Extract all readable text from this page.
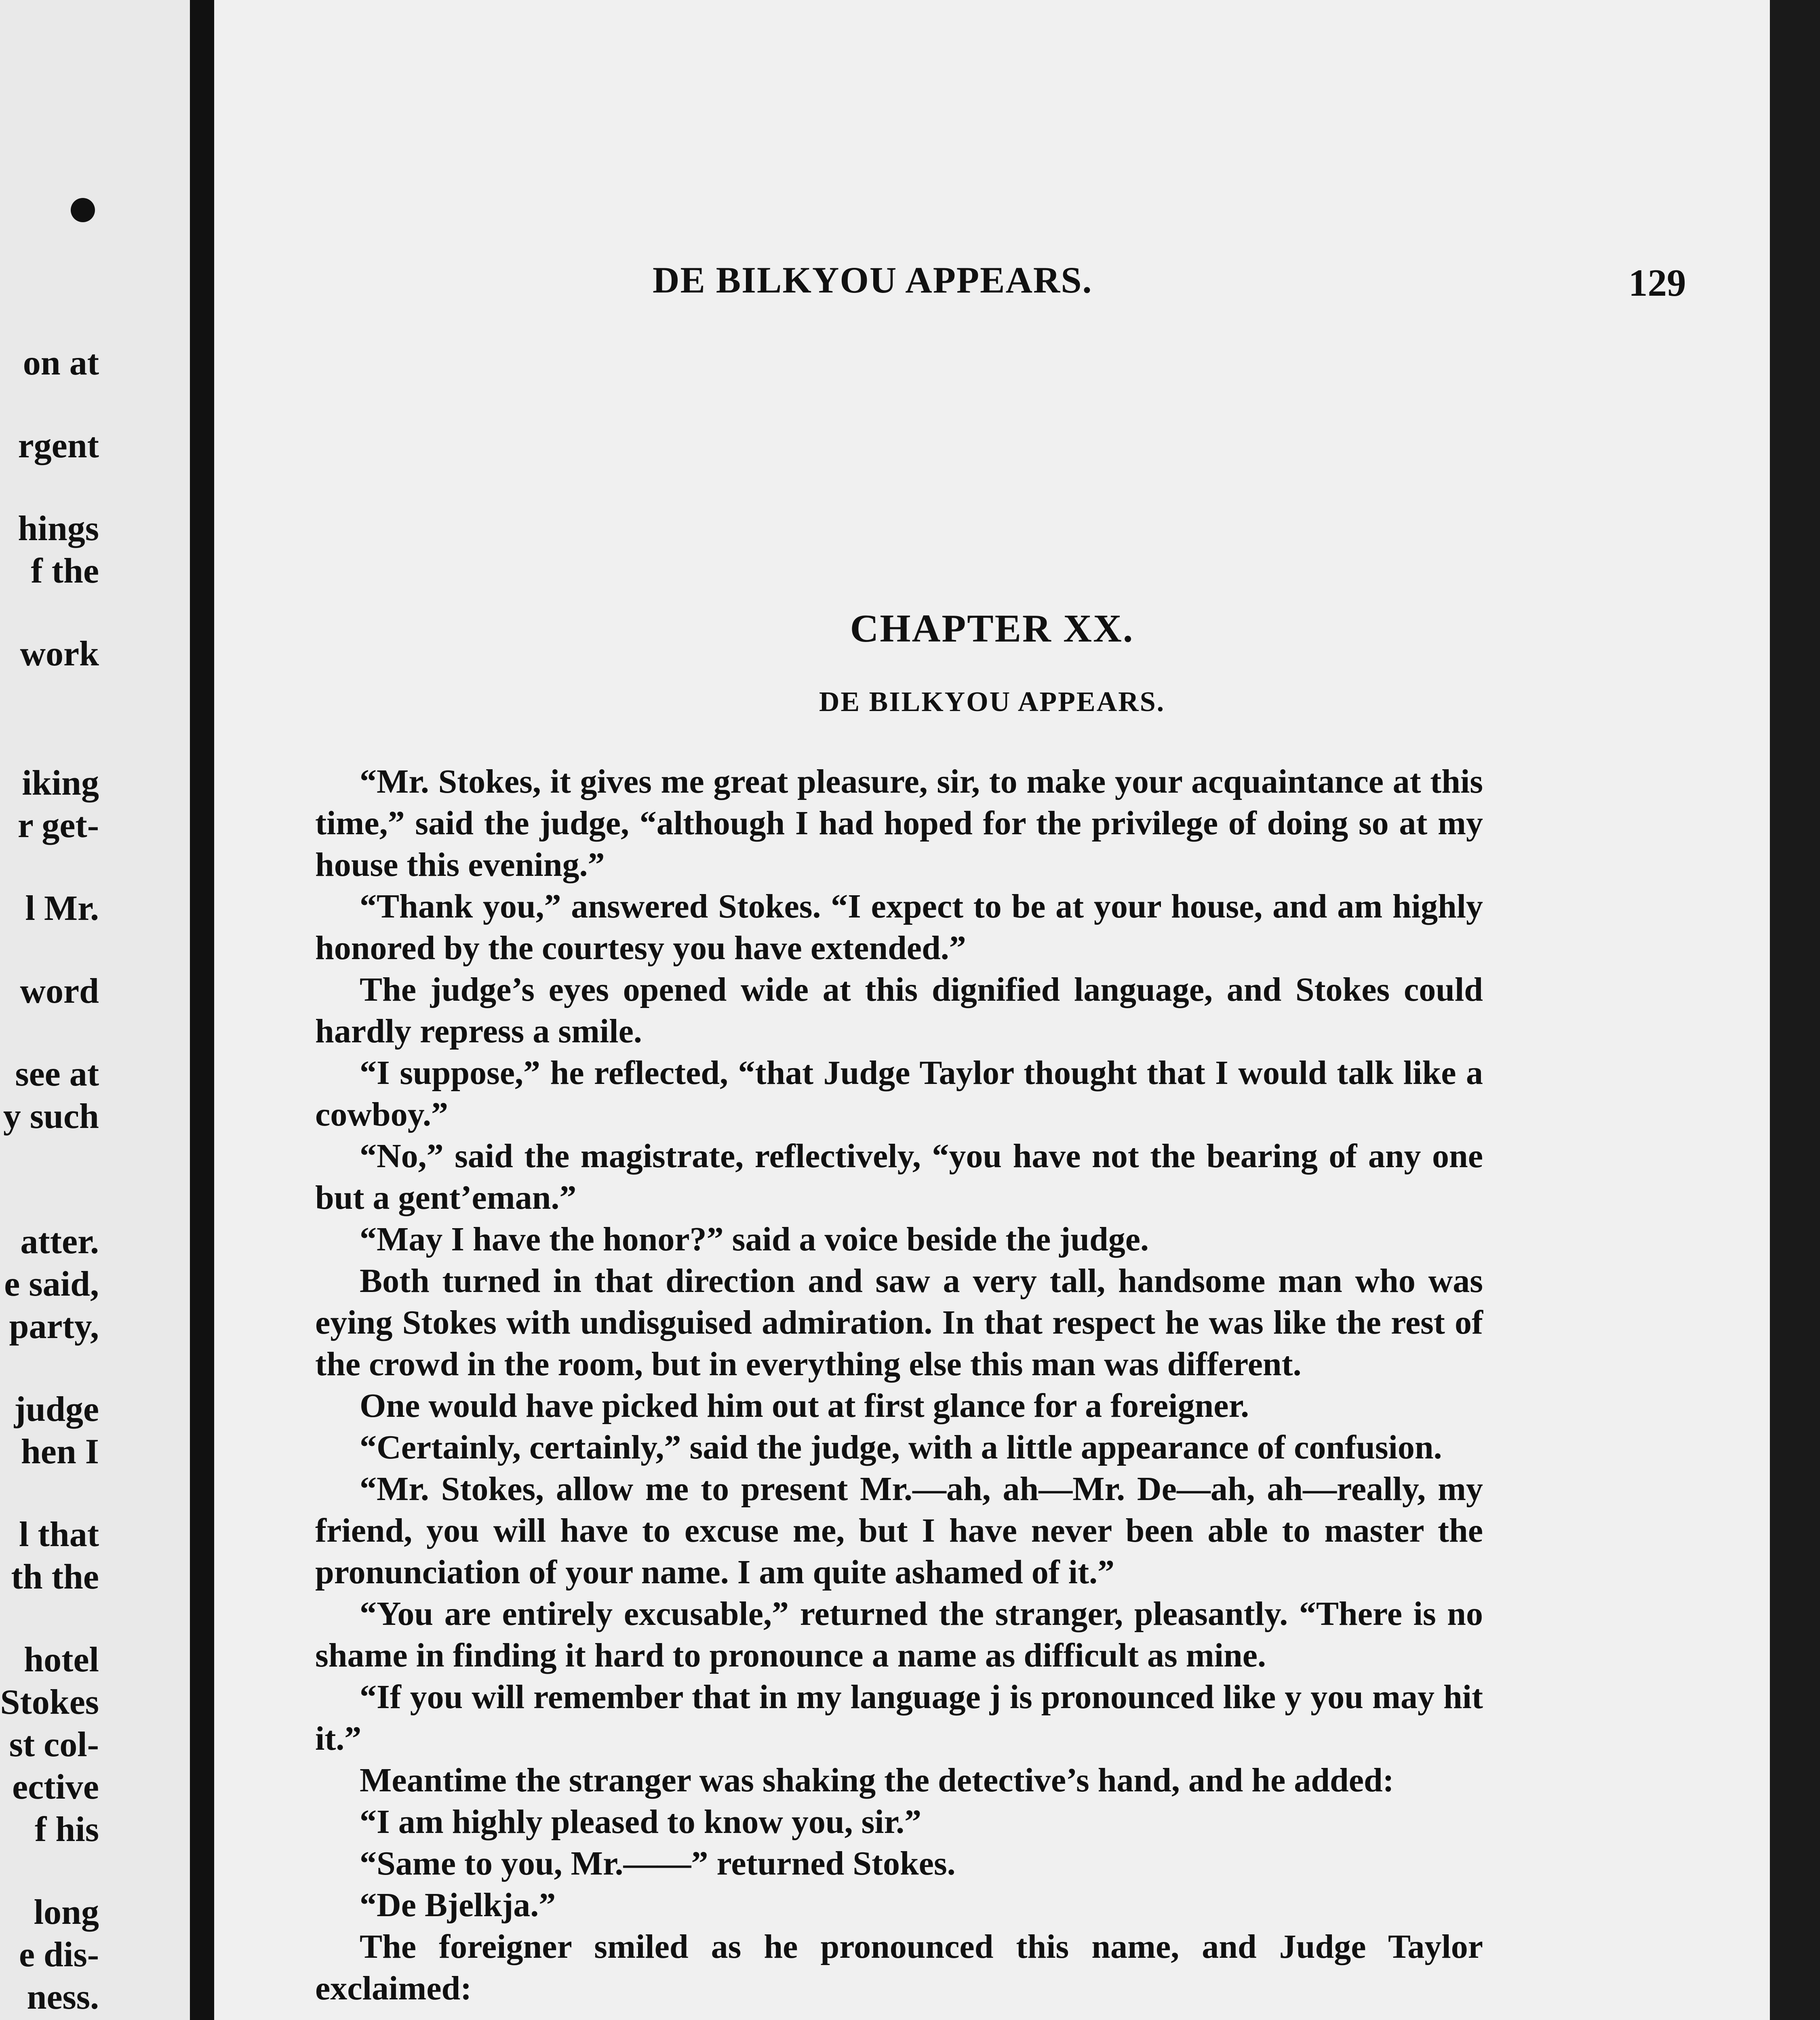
on at
rgent
hings
f the
work
iking
r get-
l Mr.
word
see at
y such
atter.
e said,
party,
judge
hen I
l that
th the
hotel
Stokes
st col-
ective
f his
long
e dis-
ness.
DE BILKYOU APPEARS.	129
CHAPTER XX.
DE BILKYOU APPEARS.

“Mr. Stokes, it gives me great pleasure, sir, to make your acquaintance at this time,” said the judge, “although I had hoped for the privilege of doing so at my house this evening.”

“Thank you,” answered Stokes. “I expect to be at your house, and am highly honored by the courtesy you have extended.”

The judge’s eyes opened wide at this dignified language, and Stokes could hardly repress a smile.

“I suppose,” he reflected, “that Judge Taylor thought that I would talk like a cowboy.”

“No,” said the magistrate, reflectively, “you have not the bearing of any one but a gent’eman.”

“May I have the honor?” said a voice beside the judge.

Both turned in that direction and saw a very tall, handsome man who was eying Stokes with undisguised admiration. In that respect he was like the rest of the crowd in the room, but in everything else this man was different.

One would have picked him out at first glance for a foreigner.

“Certainly, certainly,” said the judge, with a little appearance of confusion.

“Mr. Stokes, allow me to present Mr.—ah, ah—Mr. De—ah, ah—really, my friend, you will have to excuse me, but I have never been able to master the pronunciation of your name. I am quite ashamed of it.”

“You are entirely excusable,” returned the stranger, pleasantly. “There is no shame in finding it hard to pronounce a name as difficult as mine.

“If you will remember that in my language j is pronounced like y you may hit it.”

Meantime the stranger was shaking the detective’s hand, and he added:

“I am highly pleased to know you, sir.”

“Same to you, Mr.——” returned Stokes.

“De Bjelkja.”

The foreigner smiled as he pronounced this name, and Judge Taylor exclaimed:
